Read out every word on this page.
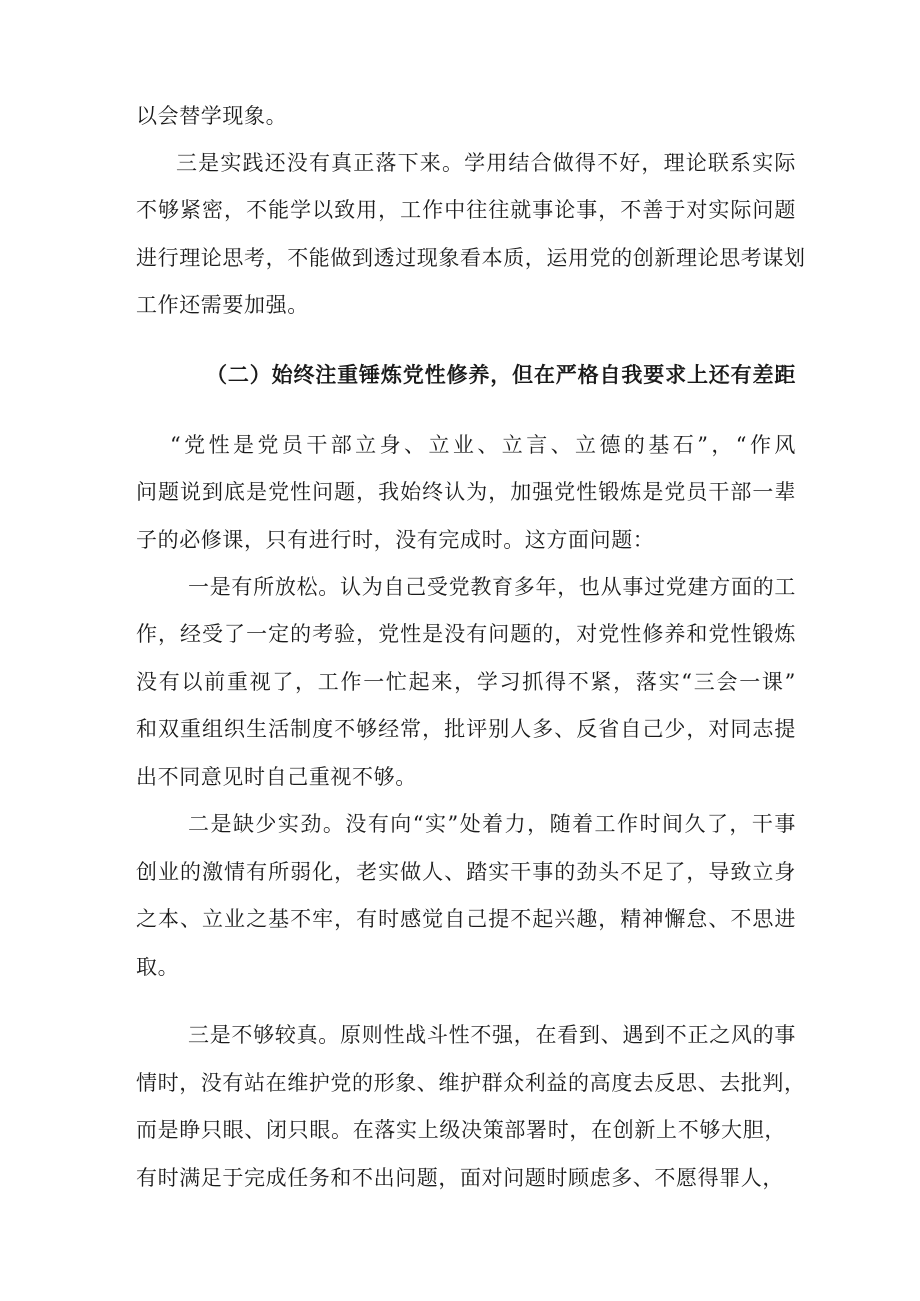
以会替学现象。
三是实践还没有真正落下来。学用结合做得不好，理论联系实际
不够紧密，不能学以致用，工作中往往就事论事，不善于对实际问题
进行理论思考，不能做到透过现象看本质，运用党的创新理论思考谋划
工作还需要加强。
（二）始终注重锤炼党性修养，但在严格自我要求上还有差距
“党性是党员干部立身、立业、立言、立德的基石”，“作风
问题说到底是党性问题，我始终认为，加强党性锻炼是党员干部一辈
子的必修课，只有进行时，没有完成时。这方面问题：
一是有所放松。认为自己受党教育多年，也从事过党建方面的工
作，经受了一定的考验，党性是没有问题的，对党性修养和党性锻炼
没有以前重视了，工作一忙起来，学习抓得不紧，落实“三会一课”
和双重组织生活制度不够经常，批评别人多、反省自己少，对同志提
出不同意见时自己重视不够。
二是缺少实劲。没有向“实”处着力，随着工作时间久了，干事
创业的激情有所弱化，老实做人、踏实干事的劲头不足了，导致立身
之本、立业之基不牢，有时感觉自己提不起兴趣，精神懈怠、不思进
取。
三是不够较真。原则性战斗性不强，在看到、遇到不正之风的事
情时，没有站在维护党的形象、维护群众利益的高度去反思、去批判，
而是睁只眼、闭只眼。在落实上级决策部署时，在创新上不够大胆，
有时满足于完成任务和不出问题，面对问题时顾虑多、不愿得罪人，
